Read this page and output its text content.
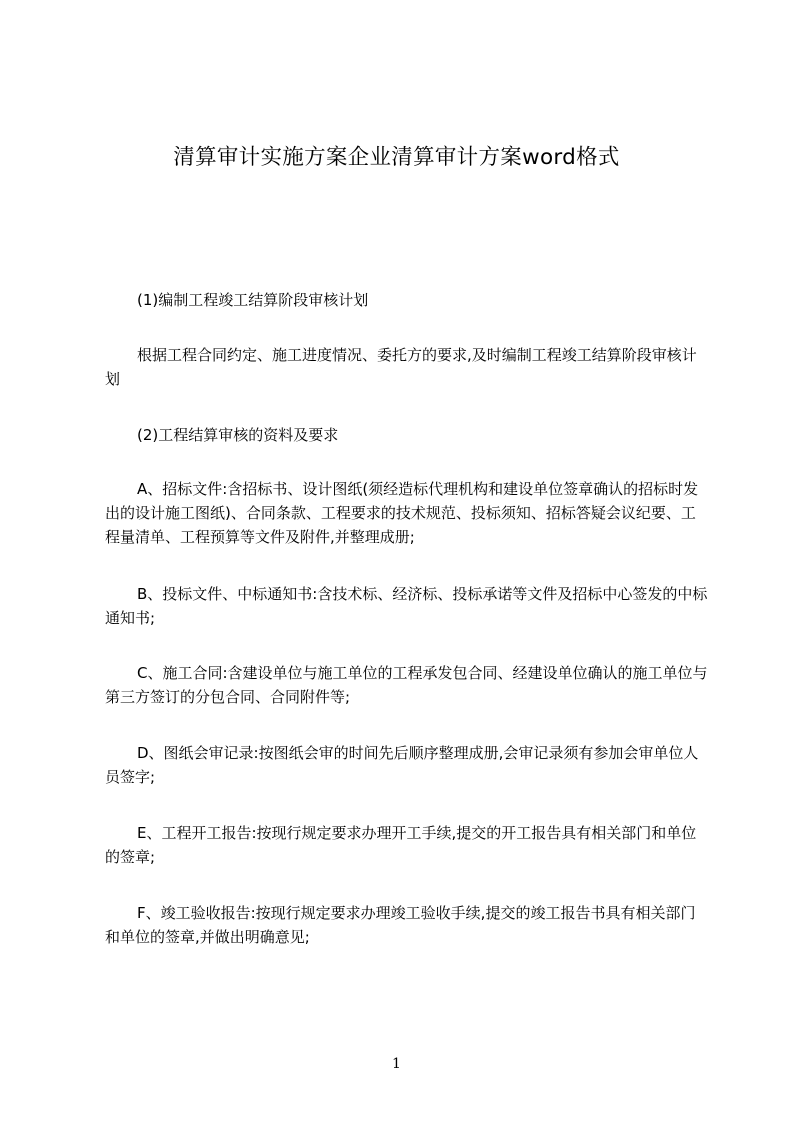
清算审计实施方案企业清算审计方案word格式
(1)编制工程竣工结算阶段审核计划
根据工程合同约定、施工进度情况、委托方的要求,及时编制工程竣工结算阶段审核计划
(2)工程结算审核的资料及要求
A、招标文件:含招标书、设计图纸(须经造标代理机构和建设单位签章确认的招标时发出的设计施工图纸)、合同条款、工程要求的技术规范、投标须知、招标答疑会议纪要、工程量清单、工程预算等文件及附件,并整理成册;
B、投标文件、中标通知书:含技术标、经济标、投标承诺等文件及招标中心签发的中标通知书;
C、施工合同:含建设单位与施工单位的工程承发包合同、经建设单位确认的施工单位与第三方签订的分包合同、合同附件等;
D、图纸会审记录:按图纸会审的时间先后顺序整理成册,会审记录须有参加会审单位人员签字;
E、工程开工报告:按现行规定要求办理开工手续,提交的开工报告具有相关部门和单位的签章;
F、竣工验收报告:按现行规定要求办理竣工验收手续,提交的竣工报告书具有相关部门和单位的签章,并做出明确意见;
1
